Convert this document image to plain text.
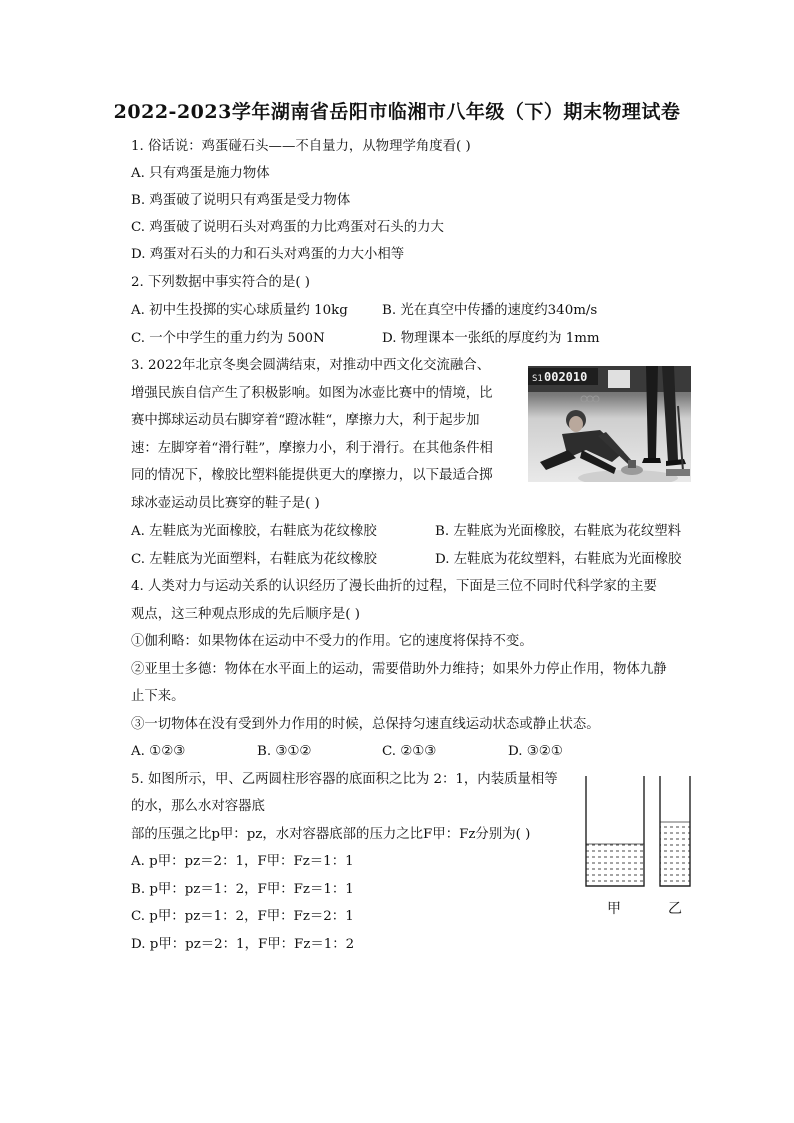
2022-2023学年湖南省岳阳市临湘市八年级（下）期末物理试卷
1. 俗话说：鸡蛋碰石头——不自量力，从物理学角度看( )
A. 只有鸡蛋是施力物体
B. 鸡蛋破了说明只有鸡蛋是受力物体
C. 鸡蛋破了说明石头对鸡蛋的力比鸡蛋对石头的力大
D. 鸡蛋对石头的力和石头对鸡蛋的力大小相等
2. 下列数据中事实符合的是( )
A. 初中生投掷的实心球质量约 10kg	B. 光在真空中传播的速度约340m/s
C. 一个中学生的重力约为 500N	D. 物理课本一张纸的厚度约为 1mm
3. 2022年北京冬奥会圆满结束，对推动中西文化交流融合、
增强民族自信产生了积极影响。如图为冰壶比赛中的情境，比
赛中掷球运动员右脚穿着“蹬冰鞋“，摩擦力大，利于起步加
速：左脚穿着“滑行鞋”，摩擦力小，利于滑行。在其他条件相
同的情况下，橡胶比塑料能提供更大的摩擦力，以下最适合掷
球冰壶运动员比赛穿的鞋子是( )
S1 002010
A. 左鞋底为光面橡胶，右鞋底为花纹橡胶	B. 左鞋底为光面橡胶，右鞋底为花纹塑料
C. 左鞋底为光面塑料，右鞋底为花纹橡胶	D. 左鞋底为花纹塑料，右鞋底为光面橡胶
4. 人类对力与运动关系的认识经历了漫长曲折的过程，下面是三位不同时代科学家的主要
观点，这三种观点形成的先后顺序是( )
①伽利略：如果物体在运动中不受力的作用。它的速度将保持不变。
②亚里士多德：物体在水平面上的运动，需要借助外力维持；如果外力停止作用，物体九静
止下来。
③一切物体在没有受到外力作用的时候，总保持匀速直线运动状态或静止状态。
A. ①②③	B. ③①②	C. ②①③	D. ③②①
5. 如图所示，甲、乙两圆柱形容器的底面积之比为 2：1，内装质量相等
的水，那么水对容器底
部的压强之比p甲：pz，水对容器底部的压力之比F甲：Fz分别为( )
A. p甲：pz＝2：1，F甲：Fz＝1：1
B. p甲：pz＝1：2，F甲：Fz＝1：1
C. p甲：pz＝1：2，F甲：Fz＝2：1
D. p甲：pz＝2：1，F甲：Fz＝1：2
甲	乙
